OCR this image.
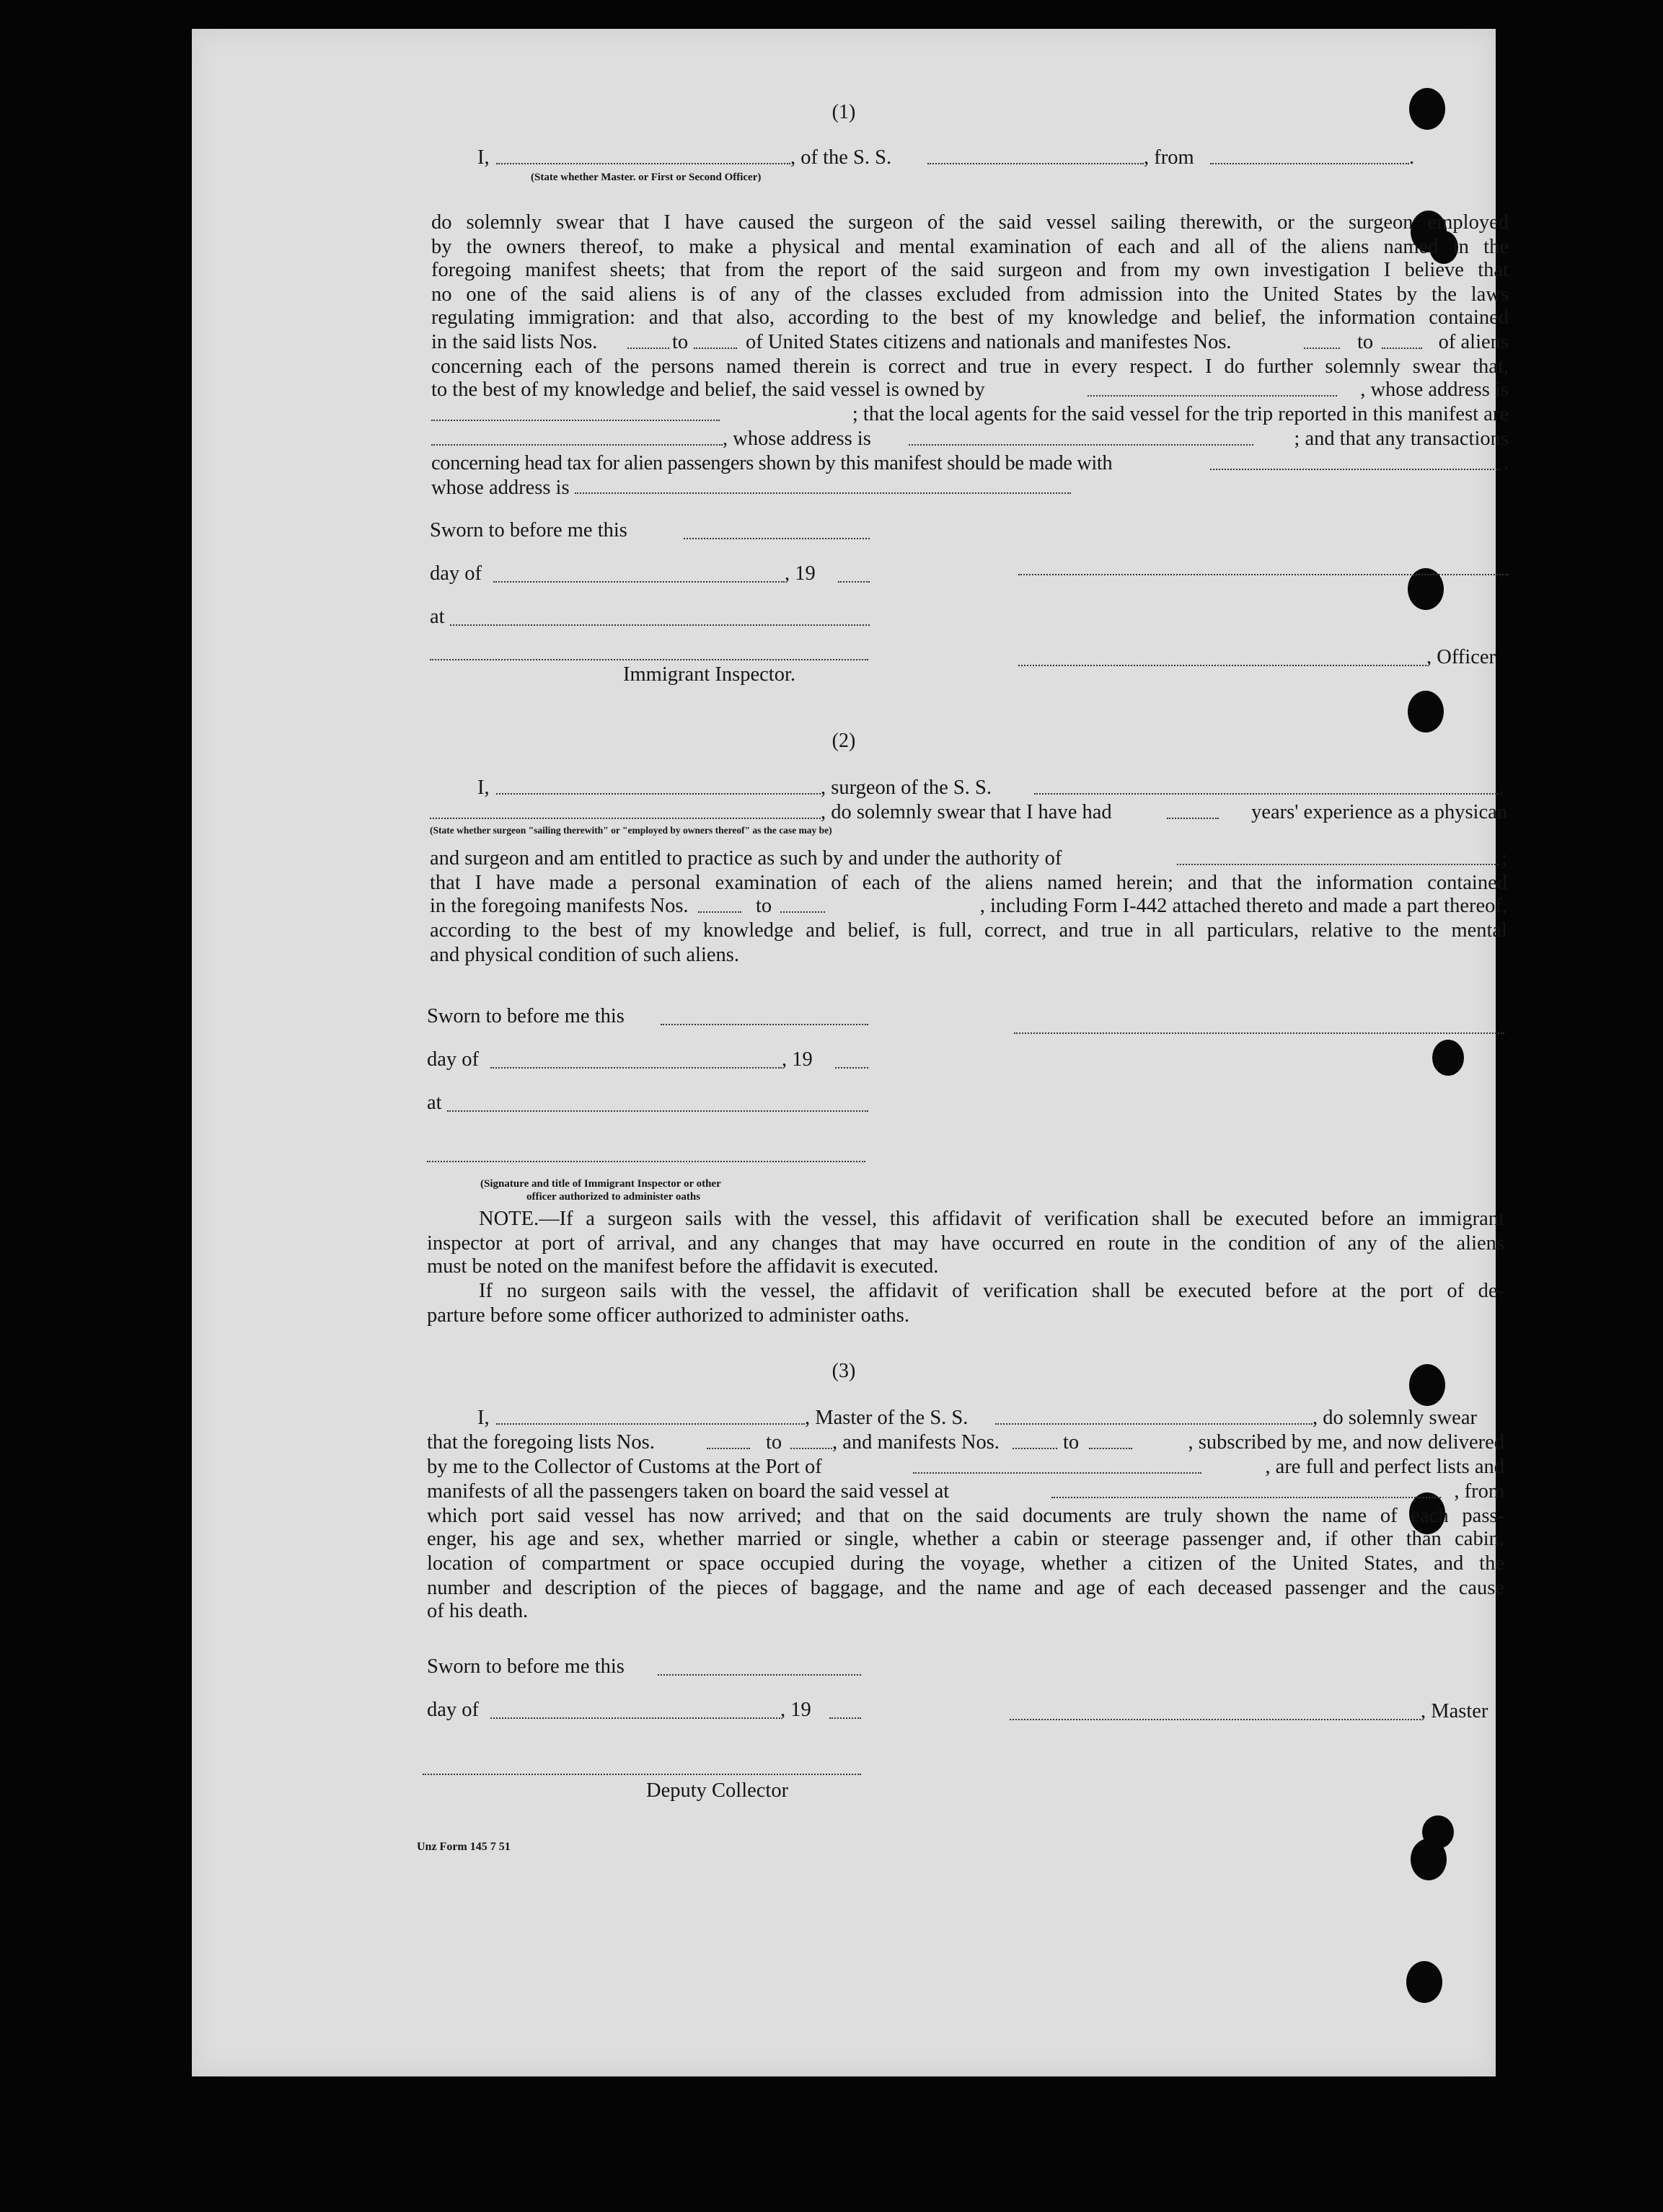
(1)
I,	, of the S. S.	, from	.
(State whether Master. or First or Second Officer)
do solemnly swear that I have caused the surgeon of the said vessel sailing therewith, or the surgeon employed
by the owners thereof, to make a physical and mental examination of each and all of the aliens named in the
foregoing manifest sheets; that from the report of the said surgeon and from my own investigation I believe that
no one of the said aliens is of any of the classes excluded from admission into the United States by the laws
regulating immigration: and that also, according to the best of my knowledge and belief, the information contained
in the said lists Nos.	to	of United States citizens and nationals and manifestes Nos.	to	of aliens
concerning each of the persons named therein is correct and true in every respect. I do further solemnly swear that,
to the best of my knowledge and belief, the said vessel is owned by	, whose address is
; that the local agents for the said vessel for the trip reported in this manifest are
, whose address is	; and that any transactions
concerning head tax for alien passengers shown by this manifest should be made with	.
whose address is
Sworn to before me this
day of	, 19
at
, Officer
Immigrant Inspector.
(2)
I,	, surgeon of the S. S.	,
, do solemnly swear that I have had	years' experience as a physican
(State whether surgeon "sailing therewith" or "employed by owners thereof" as the case may be)
and surgeon and am entitled to practice as such by and under the authority of	;
that I have made a personal examination of each of the aliens named herein; and that the information contained
in the foregoing manifests Nos.	to	, including Form I-442 attached thereto and made a part thereof,
according to the best of my knowledge and belief, is full, correct, and true in all particulars, relative to the mental
and physical condition of such aliens.
Sworn to before me this
day of	, 19
at
(Signature and title of Immigrant Inspector or other
officer authorized to administer oaths
NOTE.—If a surgeon sails with the vessel, this affidavit of verification shall be executed before an immigrant
inspector at port of arrival, and any changes that may have occurred en route in the condition of any of the aliens
must be noted on the manifest before the affidavit is executed.
If no surgeon sails with the vessel, the affidavit of verification shall be executed before at the port of de-
parture before some officer authorized to administer oaths.
(3)
I,	, Master of the S. S.	, do solemnly swear
that the foregoing lists Nos.	to , and manifests Nos.	to	, subscribed by me, and now delivered
by me to the Collector of Customs at the Port of	, are full and perfect lists and
manifests of all the passengers taken on board the said vessel at	, from
which port said vessel has now arrived; and that on the said documents are truly shown the name of each pass-
enger, his age and sex, whether married or single, whether a cabin or steerage passenger and, if other than cabin,
location of compartment or space occupied during the voyage, whether a citizen of the United States, and the
number and description of the pieces of baggage, and the name and age of each deceased passenger and the cause
of his death.
Sworn to before me this
day of	, 19	, Master
Deputy Collector
Unz Form 145 7 51
